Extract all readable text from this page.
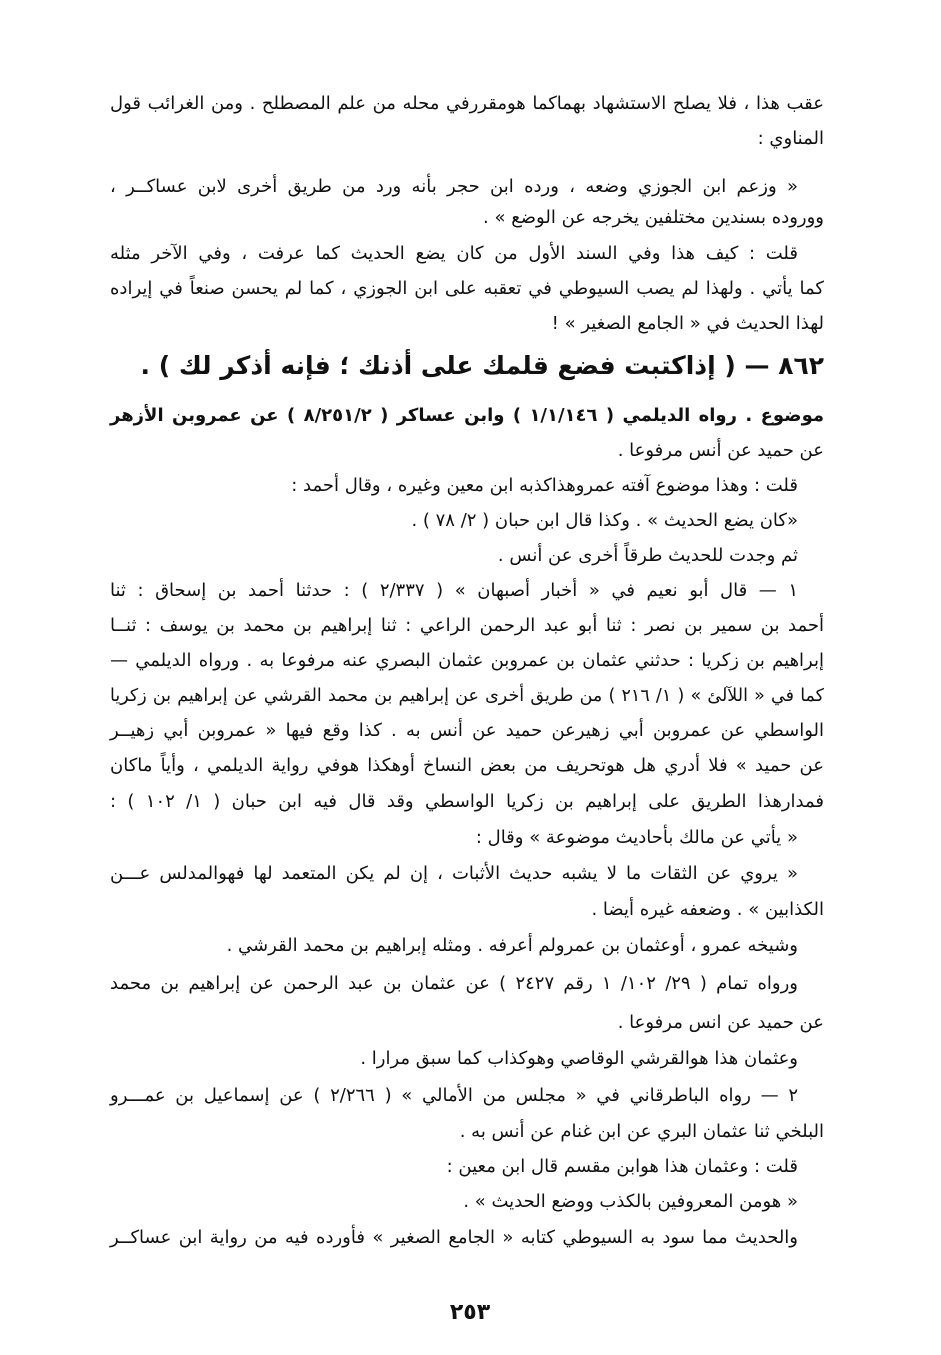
عقب هذا ، فلا يصلح الاستشهاد بهماكما هومقررفي محله من علم المصطلح . ومن الغرائب قول
المناوي :
« وزعم ابن الجوزي وضعه ، ورده ابن حجر بأنه ورد من طريق أخرى لابن عساكــر ،
ووروده بسندين مختلفين يخرجه عن الوضع » .
قلت : كيف هذا وفي السند الأول من كان يضع الحديث كما عرفت ، وفي الآخر مثله
كما يأتي . ولهذا لم يصب السيوطي في تعقبه على ابن الجوزي ، كما لم يحسن صنعاً في إيراده
لهذا الحديث في « الجامع الصغير » !
٨٦٢ — ( إذاكتبت فضع قلمك على أذنك ؛ فإنه أذكر لك ) .
موضوع . رواه الديلمي ( ١/١/١٤٦ ) وابن عساكر ( ٨/٢٥١/٢ ) عن عمروبن الأزهر
عن حميد عن أنس مرفوعا .
قلت : وهذا موضوع آفته عمروهذاكذبه ابن معين وغيره ، وقال أحمد :
«كان يضع الحديث » . وكذا قال ابن حبان ( ٢/ ٧٨ ) .
ثم وجدت للحديث طرقاً أخرى عن أنس .
١ — قال أبو نعيم في « أخبار أصبهان » ( ٢/٣٣٧ ) : حدثنا أحمد بن إسحاق : ثنا
أحمد بن سمير بن نصر : ثنا أبو عبد الرحمن الراعي : ثنا إبراهيم بن محمد بن يوسف : ثنــا
إبراهيم بن زكريا : حدثني عثمان بن عمروبن عثمان البصري عنه مرفوعا به . ورواه الديلمي —
كما في « اللآلئ » ( ١/ ٢١٦ ) من طريق أخرى عن إبراهيم بن محمد القرشي عن إبراهيم بن زكريا
الواسطي عن عمروبن أبي زهيرعن حميد عن أنس به . كذا وقع فيها « عمروبن أبي زهيــر
عن حميد » فلا أدري هل هوتحريف من بعض النساخ أوهكذا هوفي رواية الديلمي ، وأياً ماكان
فمدارهذا الطريق على إبراهيم بن زكريا الواسطي وقد قال فيه ابن حبان ( ١/ ١٠٢ ) :
« يأتي عن مالك بأحاديث موضوعة » وقال :
« يروي عن الثقات ما لا يشبه حديث الأثبات ، إن لم يكن المتعمد لها فهوالمدلس عـــن
الكذابين » . وضعفه غيره أيضا .
وشيخه عمرو ، أوعثمان بن عمرولم أعرفه . ومثله إبراهيم بن محمد القرشي .
ورواه تمام ( ٢٩/ ١٠٢/ ١ رقم ٢٤٢٧ ) عن عثمان بن عبد الرحمن عن إبراهيم بن محمد
عن حميد عن انس مرفوعا .
وعثمان هذا هوالقرشي الوقاصي وهوكذاب كما سبق مرارا .
٢ — رواه الباطرقاني في « مجلس من الأمالي » ( ٢/٢٦٦ ) عن إسماعيل بن عمـــرو
البلخي ثنا عثمان البري عن ابن غنام عن أنس به .
قلت : وعثمان هذا هوابن مقسم قال ابن معين :
« هومن المعروفين بالكذب ووضع الحديث » .
والحديث مما سود به السيوطي كتابه « الجامع الصغير » فأورده فيه من رواية ابن عساكــر
٢٥٣
